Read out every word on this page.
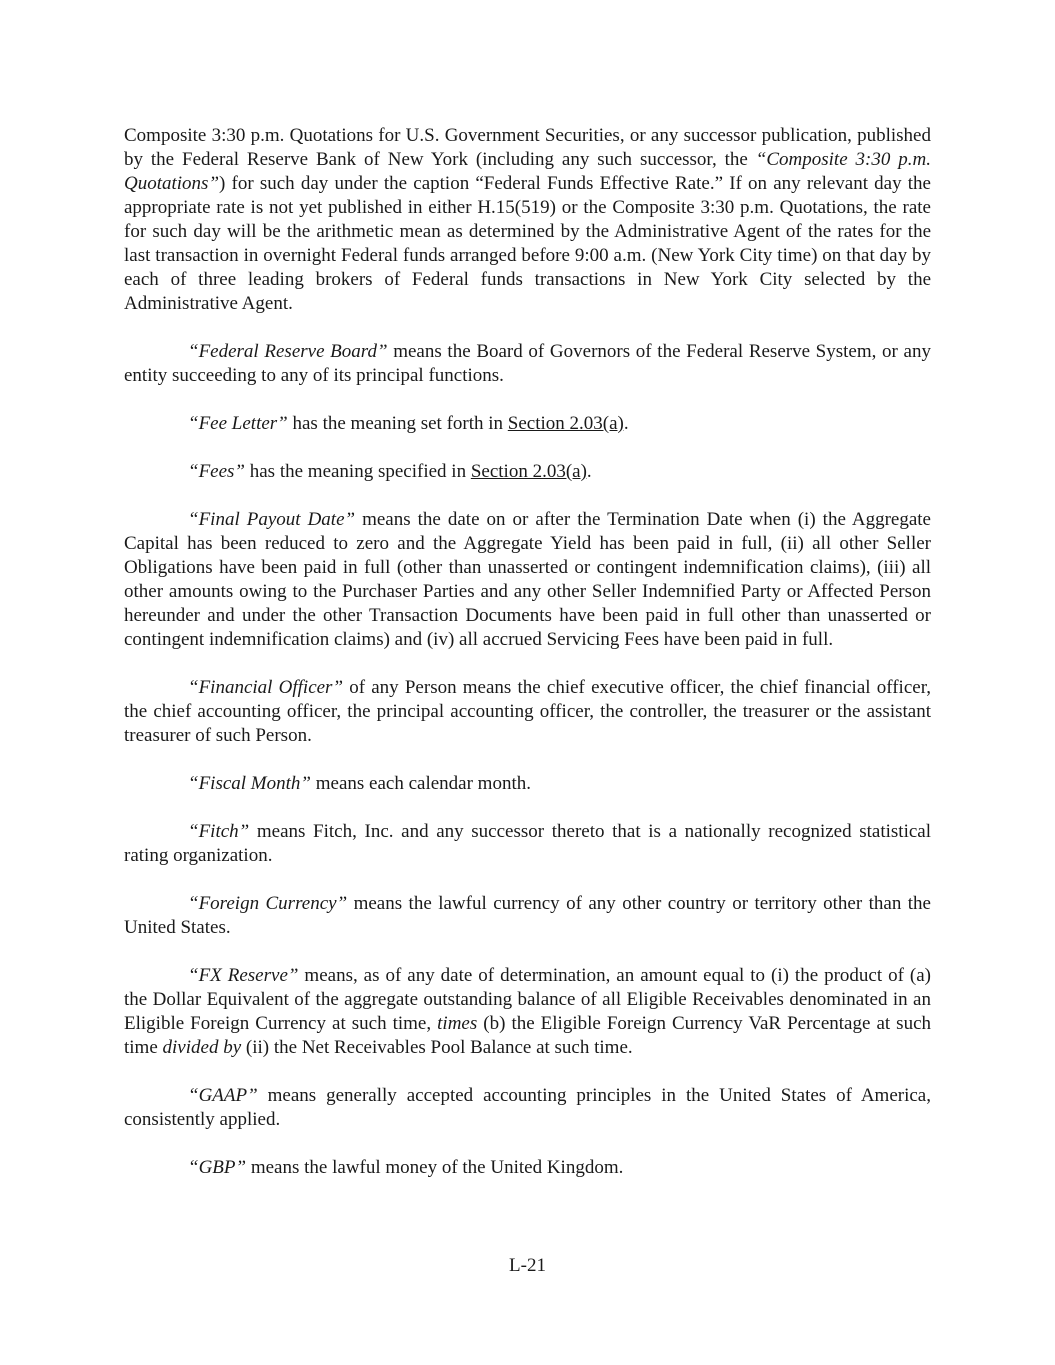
Composite 3:30 p.m. Quotations for U.S. Government Securities, or any successor publication, published by the Federal Reserve Bank of New York (including any such successor, the “Composite 3:30 p.m. Quotations”) for such day under the caption “Federal Funds Effective Rate.” If on any relevant day the appropriate rate is not yet published in either H.15(519) or the Composite 3:30 p.m. Quotations, the rate for such day will be the arithmetic mean as determined by the Administrative Agent of the rates for the last transaction in overnight Federal funds arranged before 9:00 a.m. (New York City time) on that day by each of three leading brokers of Federal funds transactions in New York City selected by the Administrative Agent.

“Federal Reserve Board” means the Board of Governors of the Federal Reserve System, or any entity succeeding to any of its principal functions.

“Fee Letter” has the meaning set forth in Section 2.03(a).

“Fees” has the meaning specified in Section 2.03(a).

“Final Payout Date” means the date on or after the Termination Date when (i) the Aggregate Capital has been reduced to zero and the Aggregate Yield has been paid in full, (ii) all other Seller Obligations have been paid in full (other than unasserted or contingent indemnification claims), (iii) all other amounts owing to the Purchaser Parties and any other Seller Indemnified Party or Affected Person hereunder and under the other Transaction Documents have been paid in full other than unasserted or contingent indemnification claims) and (iv) all accrued Servicing Fees have been paid in full.

“Financial Officer” of any Person means the chief executive officer, the chief financial officer, the chief accounting officer, the principal accounting officer, the controller, the treasurer or the assistant treasurer of such Person.

“Fiscal Month” means each calendar month.

“Fitch” means Fitch, Inc. and any successor thereto that is a nationally recognized statistical rating organization.

“Foreign Currency” means the lawful currency of any other country or territory other than the United States.

“FX Reserve” means, as of any date of determination, an amount equal to (i) the product of (a) the Dollar Equivalent of the aggregate outstanding balance of all Eligible Receivables denominated in an Eligible Foreign Currency at such time, times (b) the Eligible Foreign Currency VaR Percentage at such time divided by (ii) the Net Receivables Pool Balance at such time.

“GAAP” means generally accepted accounting principles in the United States of America, consistently applied.

“GBP” means the lawful money of the United Kingdom.

L-21
